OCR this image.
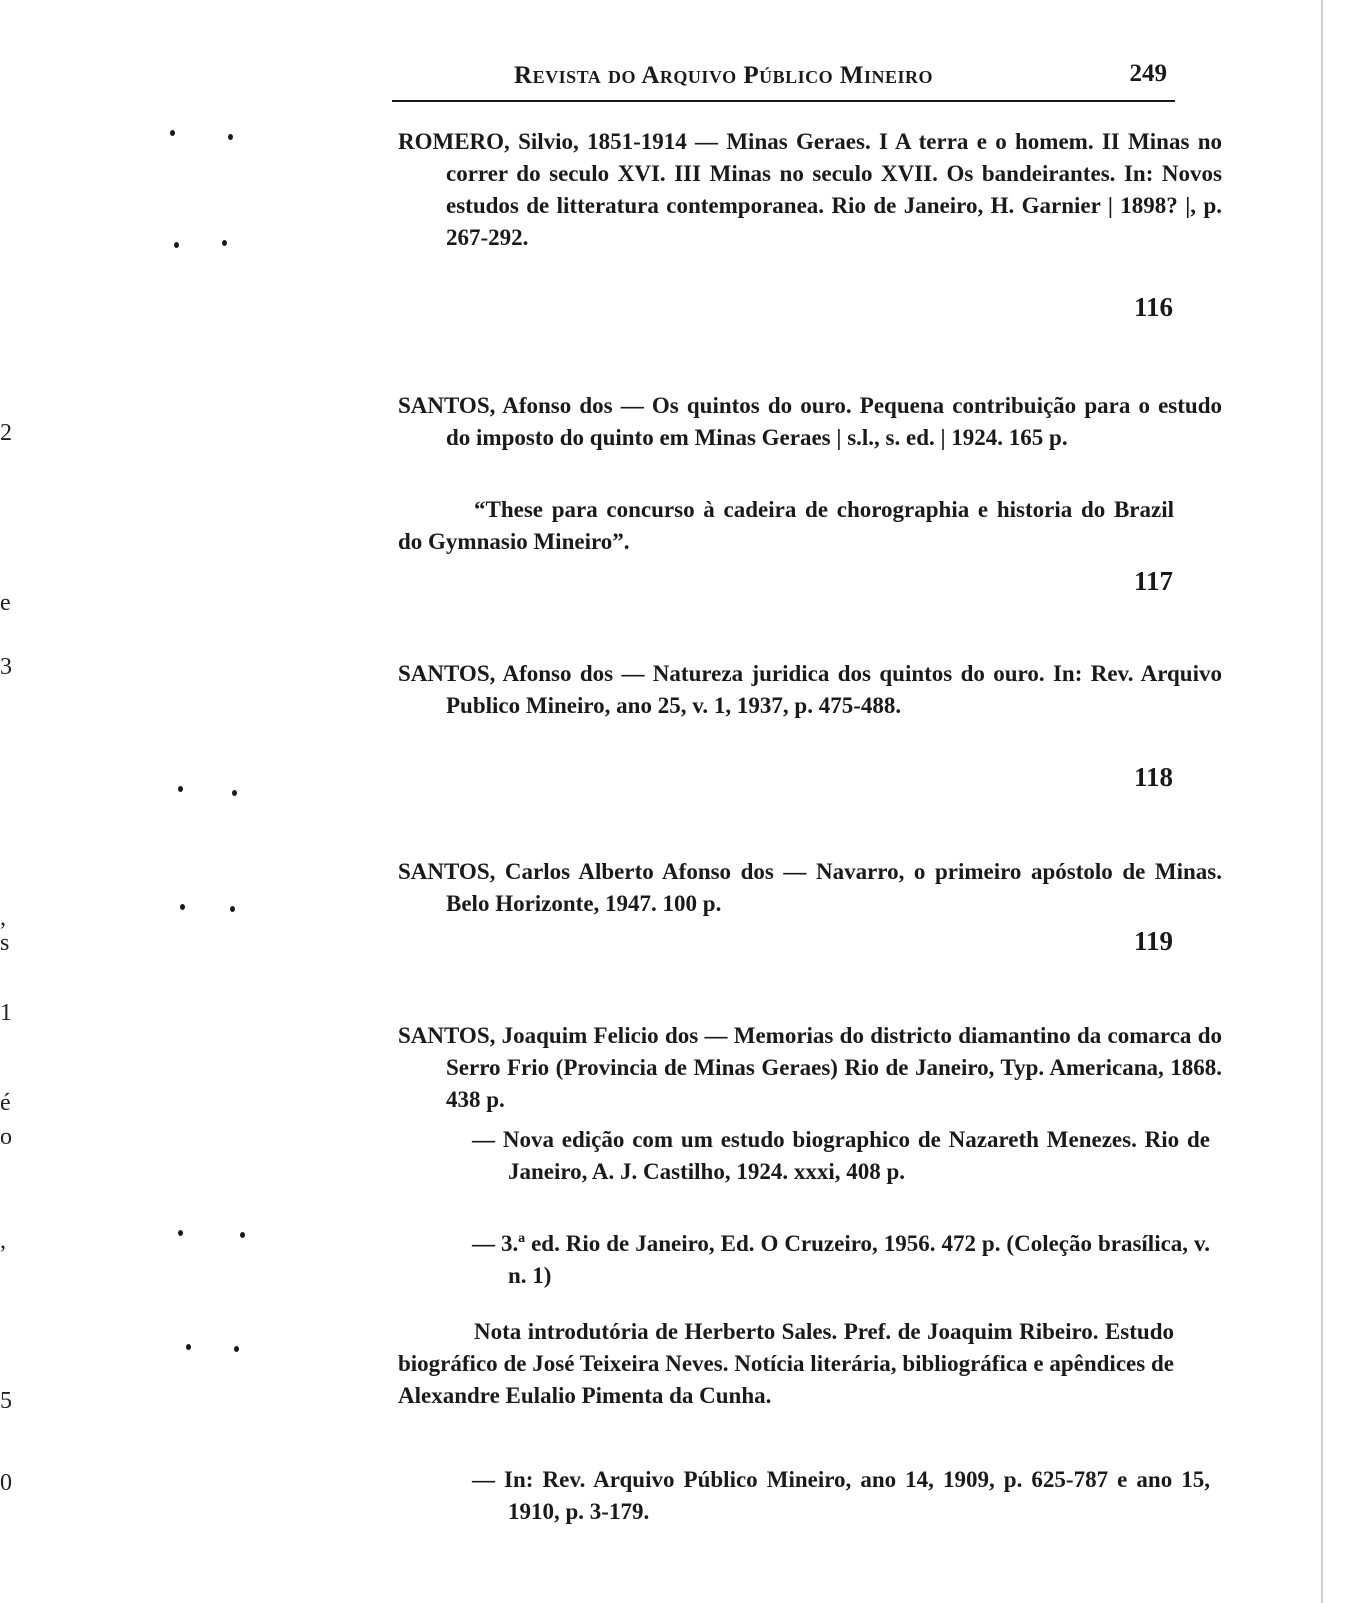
Revista do Arquivo Público Mineiro	249
ROMERO, Silvio, 1851-1914 — Minas Geraes. I A terra e o homem. II Minas no correr do seculo XVI. III Minas no seculo XVII. Os bandeirantes. In: Novos estudos de litteratura contemporanea. Rio de Janeiro, H. Garnier | 1898? |, p. 267-292.
116
SANTOS, Afonso dos — Os quintos do ouro. Pequena contribuição para o estudo do imposto do quinto em Minas Geraes | s.l., s. ed. | 1924. 165 p.
“These para concurso à cadeira de chorographia e historia do Brazil do Gymnasio Mineiro”.
117
SANTOS, Afonso dos — Natureza juridica dos quintos do ouro. In: Rev. Arquivo Publico Mineiro, ano 25, v. 1, 1937, p. 475-488.
118
SANTOS, Carlos Alberto Afonso dos — Navarro, o primeiro apóstolo de Minas. Belo Horizonte, 1947. 100 p.
119
SANTOS, Joaquim Felicio dos — Memorias do districto diamantino da comarca do Serro Frio (Provincia de Minas Geraes) Rio de Janeiro, Typ. Americana, 1868. 438 p.
— Nova edição com um estudo biographico de Nazareth Menezes. Rio de Janeiro, A. J. Castilho, 1924. xxxi, 408 p.
— 3.ª ed. Rio de Janeiro, Ed. O Cruzeiro, 1956. 472 p. (Coleção brasílica, v. n. 1)
Nota introdutória de Herberto Sales. Pref. de Joaquim Ribeiro. Estudo biográfico de José Teixeira Neves. Notícia literária, bibliográfica e apêndices de Alexandre Eulalio Pimenta da Cunha.
— In: Rev. Arquivo Público Mineiro, ano 14, 1909, p. 625-787 e ano 15, 1910, p. 3-179.
2
e
3
,
s
1
é
o
,
5
0
